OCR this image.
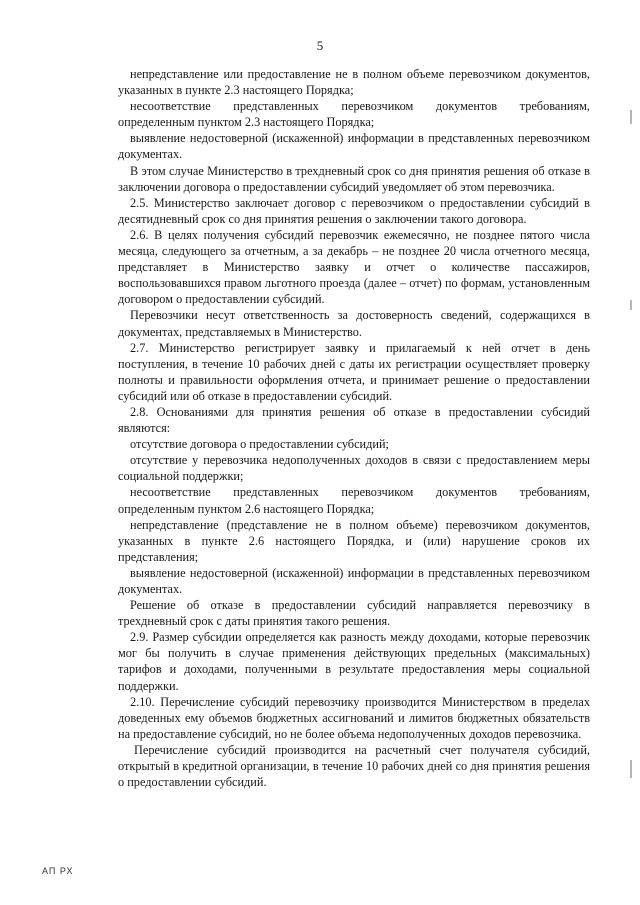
5

непредставление или предоставление не в полном объеме перевозчиком документов, указанных в пункте 2.3 настоящего Порядка;

несоответствие представленных перевозчиком документов требованиям, определенным пунктом 2.3 настоящего Порядка;

выявление недостоверной (искаженной) информации в представленных перевозчиком документах.

В этом случае Министерство в трехдневный срок со дня принятия решения об отказе в заключении договора о предоставлении субсидий уведомляет об этом перевозчика.

2.5. Министерство заключает договор с перевозчиком о предоставлении субсидий в десятидневный срок со дня принятия решения о заключении такого договора.

2.6. В целях получения субсидий перевозчик ежемесячно, не позднее пятого числа месяца, следующего за отчетным, а за декабрь – не позднее 20 числа отчетного месяца, представляет в Министерство заявку и отчет о количестве пассажиров, воспользовавшихся правом льготного проезда (далее – отчет) по формам, установленным договором о предоставлении субсидий.

Перевозчики несут ответственность за достоверность сведений, содержащихся в документах, представляемых в Министерство.

2.7. Министерство регистрирует заявку и прилагаемый к ней отчет в день поступления, в течение 10 рабочих дней с даты их регистрации осуществляет проверку полноты и правильности оформления отчета, и принимает решение о предоставлении субсидий или об отказе в предоставлении субсидий.

2.8. Основаниями для принятия решения об отказе в предоставлении субсидий являются:

отсутствие договора о предоставлении субсидий;

отсутствие у перевозчика недополученных доходов в связи с предоставлением меры социальной поддержки;

несоответствие представленных перевозчиком документов требованиям, определенным пунктом 2.6 настоящего Порядка;

непредставление (представление не в полном объеме) перевозчиком документов, указанных в пункте 2.6 настоящего Порядка, и (или) нарушение сроков их представления;

выявление недостоверной (искаженной) информации в представленных перевозчиком документах.

Решение об отказе в предоставлении субсидий направляется перевозчику в трехдневный срок с даты принятия такого решения.

2.9. Размер субсидии определяется как разность между доходами, которые перевозчик мог бы получить в случае применения действующих предельных (максимальных) тарифов и доходами, полученными в результате предоставления меры социальной поддержки.

2.10. Перечисление субсидий перевозчику производится Министерством в пределах доведенных ему объемов бюджетных ассигнований и лимитов бюджетных обязательств на предоставление субсидий, но не более объема недополученных доходов перевозчика.

Перечисление субсидий производится на расчетный счет получателя субсидий, открытый в кредитной организации, в течение 10 рабочих дней со дня принятия решения о предоставлении субсидий.

АП РХ
